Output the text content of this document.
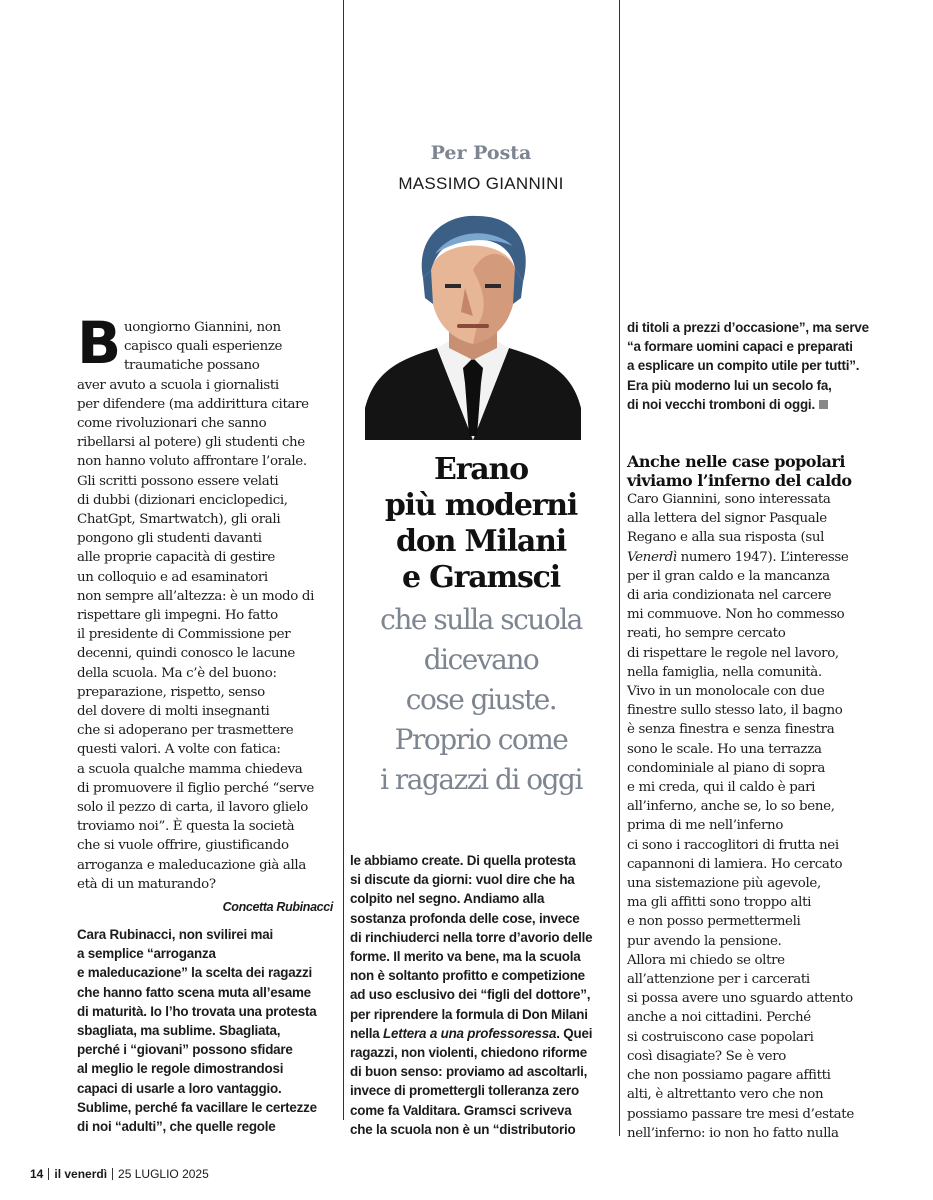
Per Posta
MASSIMO GIANNINI
Erano
più moderni
don Milani
e Gramsci
che sulla scuola
dicevano
cose giuste.
Proprio come
i ragazzi di oggi
B uongiorno Giannini, non
capisco quali esperienze
traumatiche possano
aver avuto a scuola i giornalisti
per difendere (ma addirittura citare
come rivoluzionari che sanno
ribellarsi al potere) gli studenti che
non hanno voluto affrontare l’orale.
Gli scritti possono essere velati
di dubbi (dizionari enciclopedici,
ChatGpt, Smartwatch), gli orali
pongono gli studenti davanti
alle proprie capacità di gestire
un colloquio e ad esaminatori
non sempre all’altezza: è un modo di
rispettare gli impegni. Ho fatto
il presidente di Commissione per
decenni, quindi conosco le lacune
della scuola. Ma c’è del buono:
preparazione, rispetto, senso
del dovere di molti insegnanti
che si adoperano per trasmettere
questi valori. A volte con fatica:
a scuola qualche mamma chiedeva
di promuovere il figlio perché “serve
solo il pezzo di carta, il lavoro glielo
troviamo noi”. È questa la società
che si vuole offrire, giustificando
arroganza e maleducazione già alla
età di un maturando?
Concetta Rubinacci
Cara Rubinacci, non svilirei mai
a semplice “arroganza
e maleducazione” la scelta dei ragazzi
che hanno fatto scena muta all’esame
di maturità. Io l’ho trovata una protesta
sbagliata, ma sublime. Sbagliata,
perché i “giovani” possono sfidare
al meglio le regole dimostrandosi
capaci di usarle a loro vantaggio.
Sublime, perché fa vacillare le certezze
di noi “adulti”, che quelle regole
le abbiamo create. Di quella protesta
si discute da giorni: vuol dire che ha
colpito nel segno. Andiamo alla
sostanza profonda delle cose, invece
di rinchiuderci nella torre d’avorio delle
forme. Il merito va bene, ma la scuola
non è soltanto profitto e competizione
ad uso esclusivo dei “figli del dottore”,
per riprendere la formula di Don Milani
nella Lettera a una professoressa. Quei
ragazzi, non violenti, chiedono riforme
di buon senso: proviamo ad ascoltarli,
invece di promettergli tolleranza zero
come fa Valditara. Gramsci scriveva
che la scuola non è un “distributorio
di titoli a prezzi d’occasione”, ma serve
“a formare uomini capaci e preparati
a esplicare un compito utile per tutti”.
Era più moderno lui un secolo fa,
di noi vecchi tromboni di oggi.
Anche nelle case popolari
viviamo l’inferno del caldo
Caro Giannini, sono interessata
alla lettera del signor Pasquale
Regano e alla sua risposta (sul
Venerdì numero 1947). L’interesse
per il gran caldo e la mancanza
di aria condizionata nel carcere
mi commuove. Non ho commesso
reati, ho sempre cercato
di rispettare le regole nel lavoro,
nella famiglia, nella comunità.
Vivo in un monolocale con due
finestre sullo stesso lato, il bagno
è senza finestra e senza finestra
sono le scale. Ho una terrazza
condominiale al piano di sopra
e mi creda, qui il caldo è pari
all’inferno, anche se, lo so bene,
prima di me nell’inferno
ci sono i raccoglitori di frutta nei
capannoni di lamiera. Ho cercato
una sistemazione più agevole,
ma gli affitti sono troppo alti
e non posso permettermeli
pur avendo la pensione.
Allora mi chiedo se oltre
all’attenzione per i carcerati
si possa avere uno sguardo attento
anche a noi cittadini. Perché
si costruiscono case popolari
così disagiate? Se è vero
che non possiamo pagare affitti
alti, è altrettanto vero che non
possiamo passare tre mesi d’estate
nell’inferno: io non ho fatto nulla
14 il venerdì 25 LUGLIO 2025
